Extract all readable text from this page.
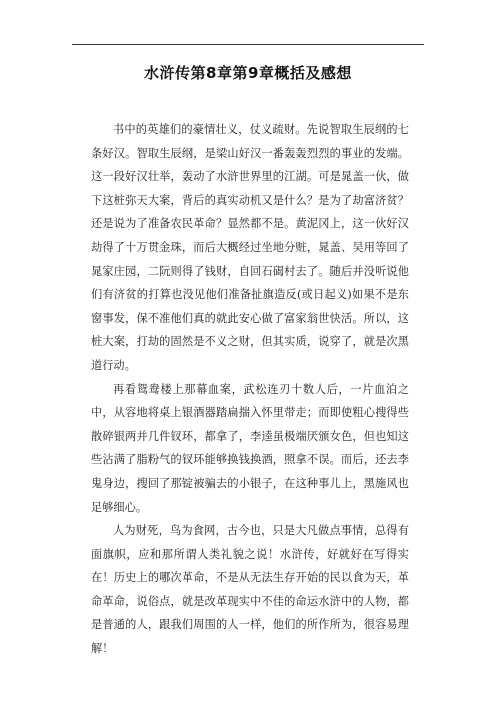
水浒传第8章第9章概括及感想

书中的英雄们的豪情壮义，仗义疏财。先说智取生辰纲的七条好汉。智取生辰纲，是梁山好汉一番轰轰烈烈的事业的发端。这一段好汉壮举，轰动了水浒世界里的江湖。可是晁盖一伙，做下这桩弥天大案，背后的真实动机又是什么？是为了劫富济贫？还是说为了准备农民革命？显然都不是。黄泥冈上，这一伙好汉劫得了十万贯金珠，而后大概经过坐地分赃，晁盖、吴用等回了晁家庄园，二阮则得了钱财，自回石碣村去了。随后并没听说他们有济贫的打算也没见他们准备扯旗造反(或日起义)如果不是东窗事发，保不准他们真的就此安心做了富家翁世快活。所以，这桩大案，打劫的固然是不义之财，但其实质，说穿了，就是次黑道行动。

再看鸳鸯楼上那幕血案，武松连刃十数人后，一片血泊之中，从容地将桌上银酒器踏扁揣入怀里带走；而即使粗心搜得些散碎银两并几件钗环，都拿了，李逵虽极端厌颁女色，但也知这些沾满了脂粉气的钗环能够换钱换酒，照拿不误。而后，还去李鬼身边，搜回了那锭被骗去的小银子，在这种事儿上，黑施风也足够细心。

人为财死，鸟为食网，古今也，只是大凡做点事情，总得有面旗帜，应和那所谓人类礼貌之说！水浒传，好就好在写得实在！历史上的哪次革命，不是从无法生存开始的民以食为天，革命革命，说俗点，就是改革现实中不佳的命运水浒中的人物，都是普通的人，跟我们周围的人一样，他们的所作所为，很容易理解！
